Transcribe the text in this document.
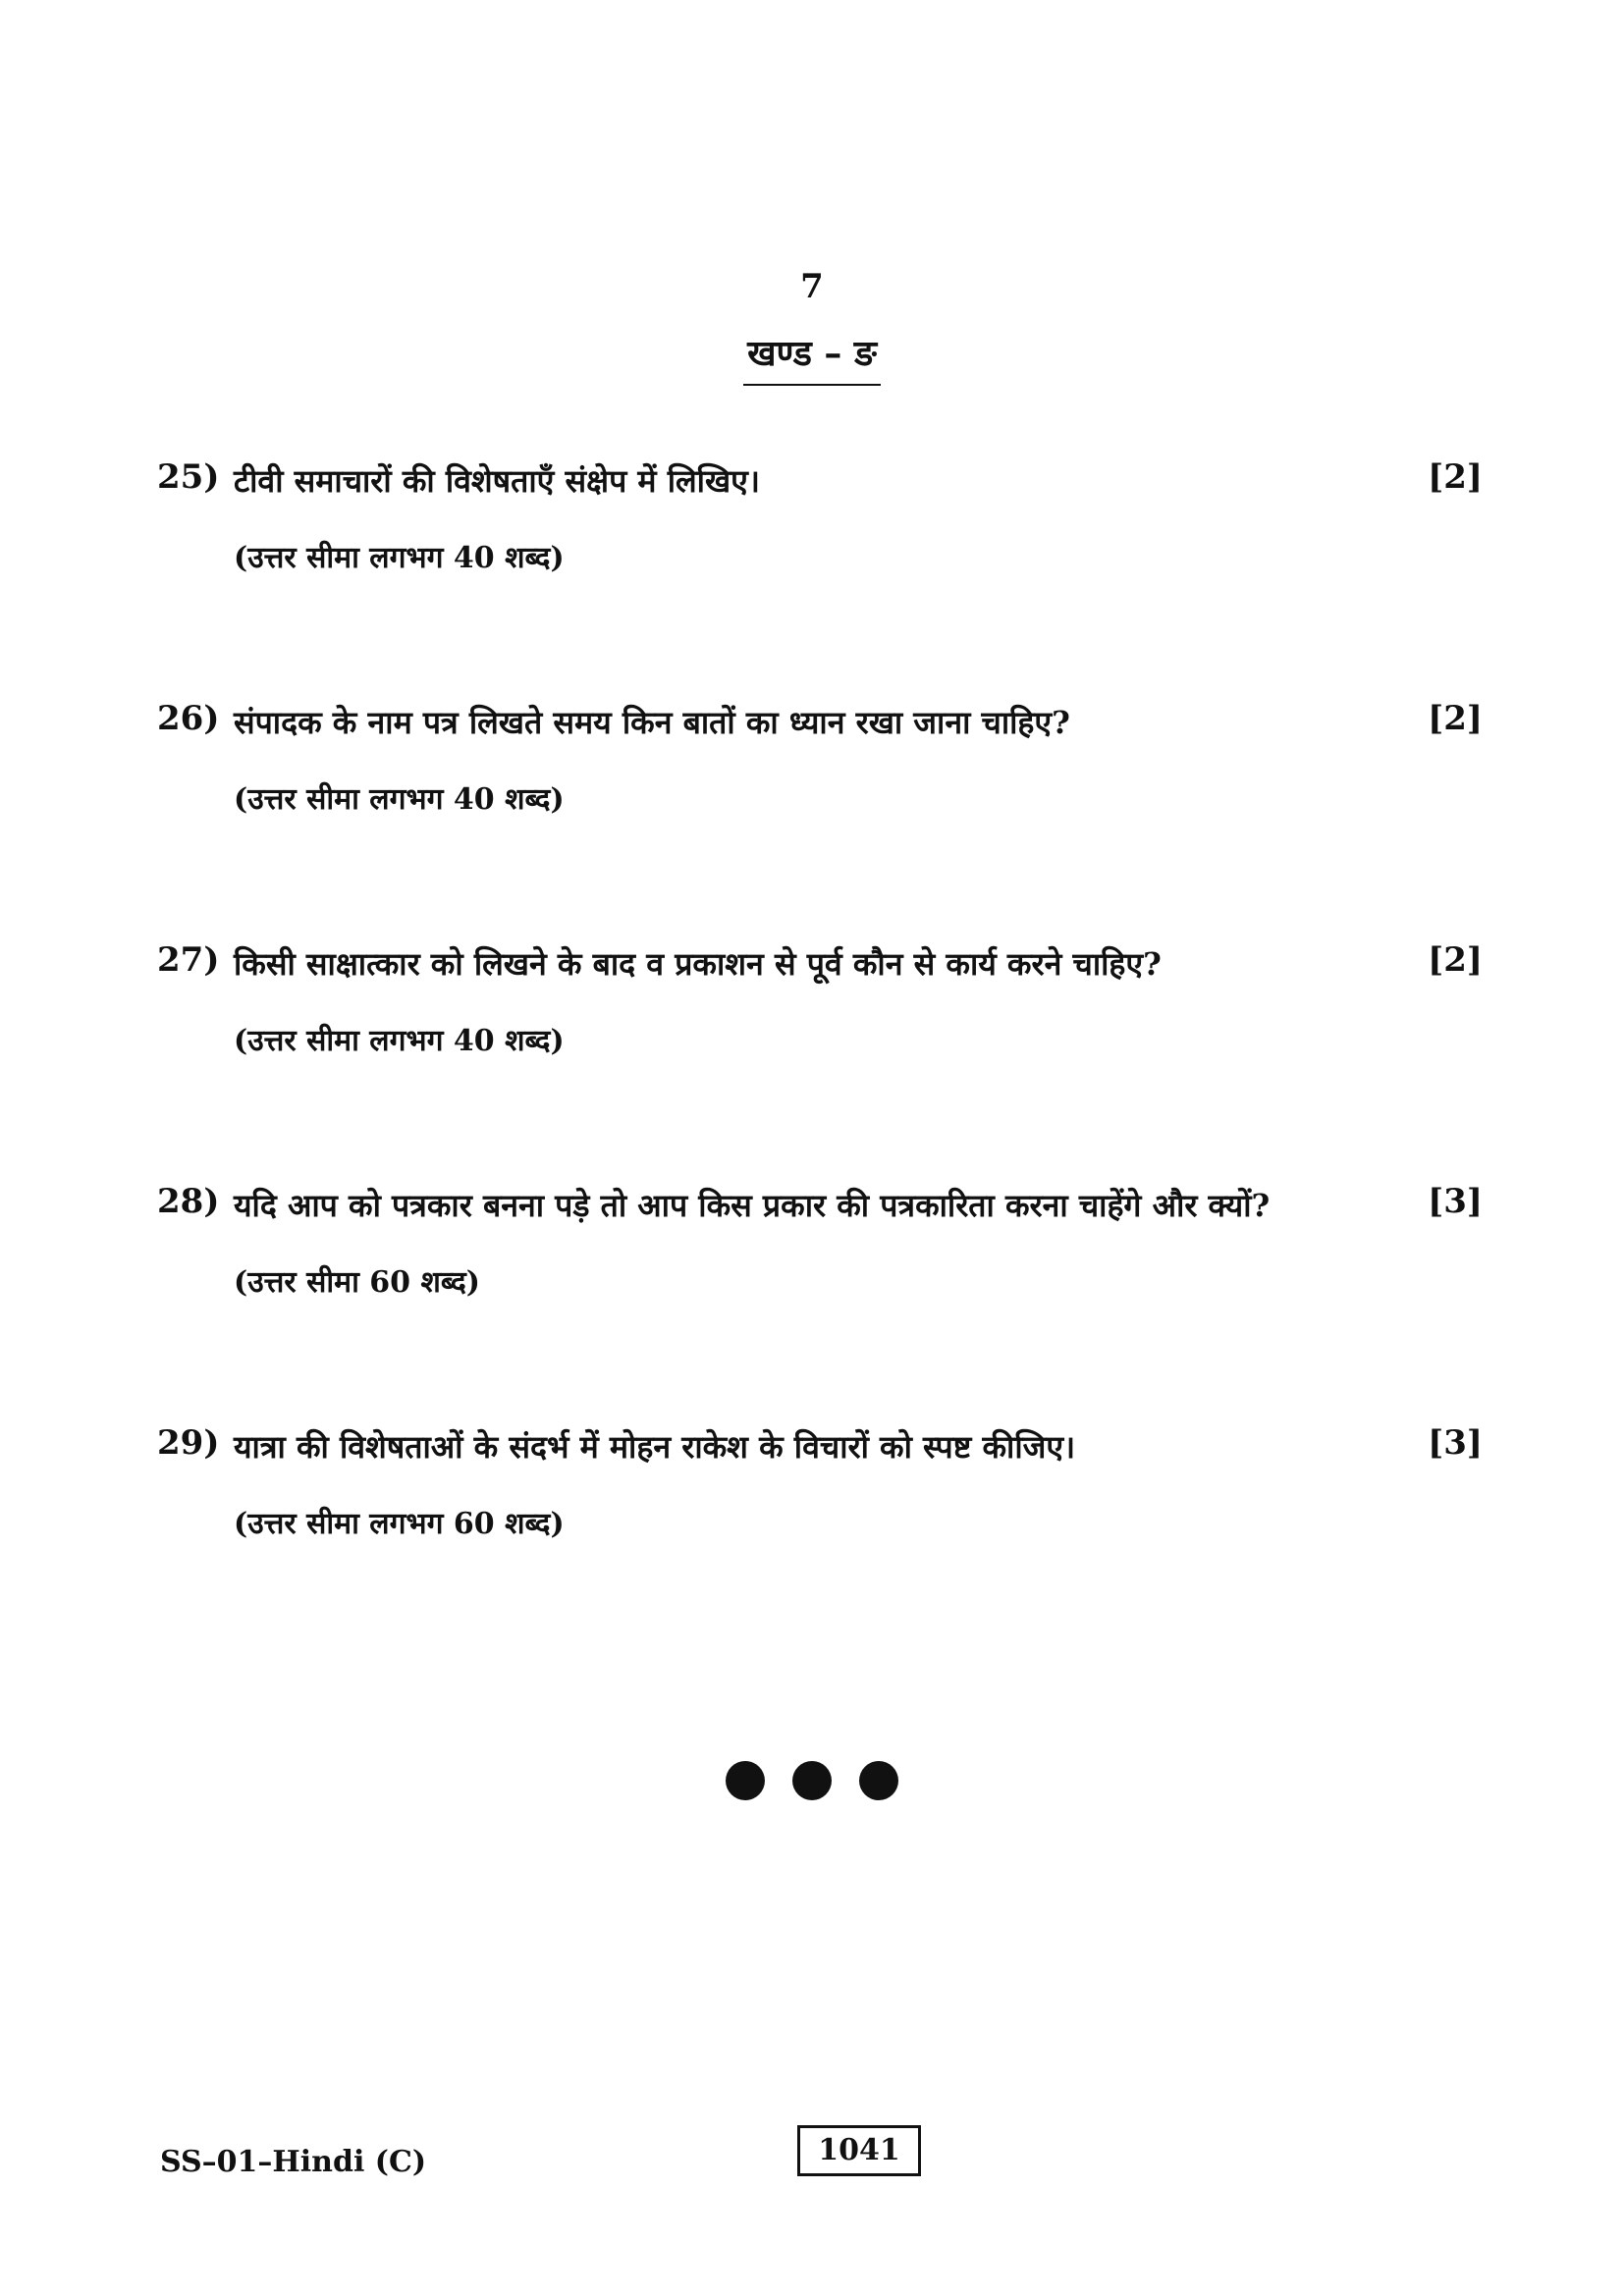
7
खण्ड – ङ
25) टीवी समाचारों की विशेषताएँ संक्षेप में लिखिए।	[2]
(उत्तर सीमा लगभग 40 शब्द)
26) संपादक के नाम पत्र लिखते समय किन बातों का ध्यान रखा जाना चाहिए?	[2]
(उत्तर सीमा लगभग 40 शब्द)
27) किसी साक्षात्कार को लिखने के बाद व प्रकाशन से पूर्व कौन से कार्य करने चाहिए?	[2]
(उत्तर सीमा लगभग 40 शब्द)
28) यदि आप को पत्रकार बनना पड़े तो आप किस प्रकार की पत्रकारिता करना चाहेंगे और क्यों?	[3]
(उत्तर सीमा 60 शब्द)
29) यात्रा की विशेषताओं के संदर्भ में मोहन राकेश के विचारों को स्पष्ट कीजिए।	[3]
(उत्तर सीमा लगभग 60 शब्द)

SS–01–Hindi (C)	1041
